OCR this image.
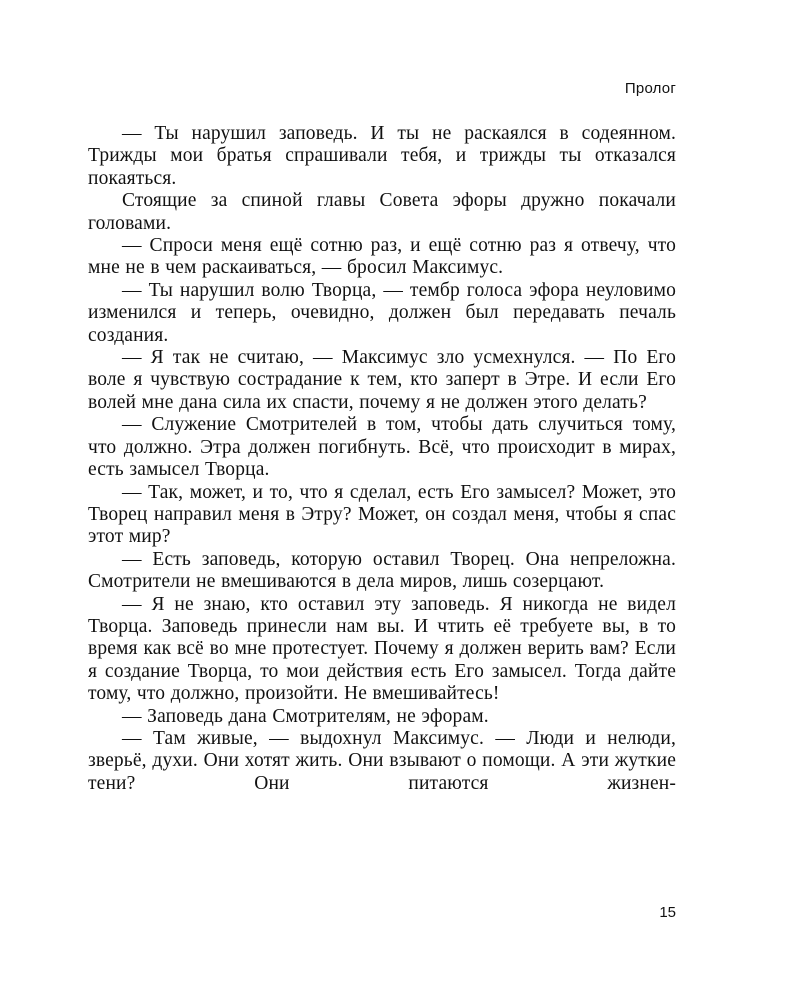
Пролог

— Ты нарушил заповедь. И ты не раскаялся в содеянном. Трижды мои братья спрашивали тебя, и трижды ты отказался покаяться.

Стоящие за спиной главы Совета эфоры дружно покачали головами.

— Спроси меня ещё сотню раз, и ещё сотню раз я отвечу, что мне не в чем раскаиваться, — бросил Максимус.

— Ты нарушил волю Творца, — тембр голоса эфора неуловимо изменился и теперь, очевидно, должен был передавать печаль создания.

— Я так не считаю, — Максимус зло усмехнулся. — По Его воле я чувствую сострадание к тем, кто заперт в Этре. И если Его волей мне дана сила их спасти, почему я не должен этого делать?

— Служение Смотрителей в том, чтобы дать случиться тому, что должно. Этра должен погибнуть. Всё, что происходит в мирах, есть замысел Творца.

— Так, может, и то, что я сделал, есть Его замысел? Может, это Творец направил меня в Этру? Может, он создал меня, чтобы я спас этот мир?

— Есть заповедь, которую оставил Творец. Она непреложна. Смотрители не вмешиваются в дела миров, лишь созерцают.

— Я не знаю, кто оставил эту заповедь. Я никогда не видел Творца. Заповедь принесли нам вы. И чтить её требуете вы, в то время как всё во мне протестует. Почему я должен верить вам? Если я создание Творца, то мои действия есть Его замысел. Тогда дайте тому, что должно, произойти. Не вмешивайтесь!

— Заповедь дана Смотрителям, не эфорам.

— Там живые, — выдохнул Максимус. — Люди и нелюди, зверьё, духи. Они хотят жить. Они взывают о помощи. А эти жуткие тени? Они питаются жизнен-

15
